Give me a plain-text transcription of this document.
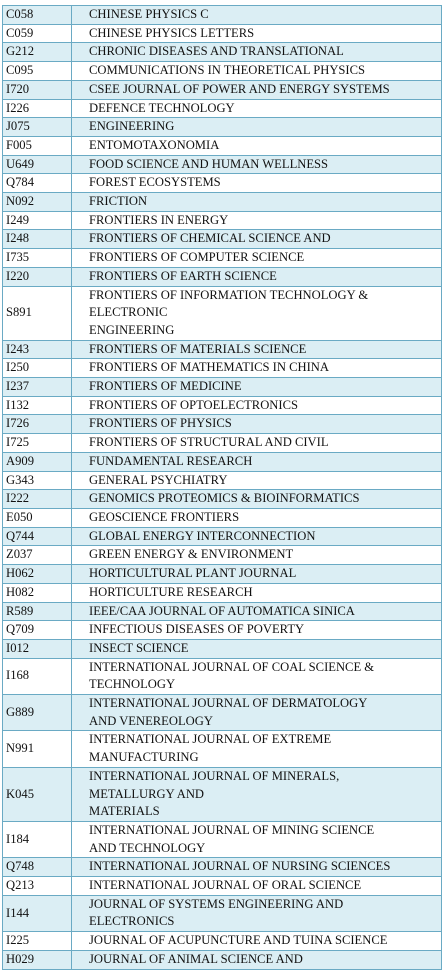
C058	CHINESE PHYSICS C
C059	CHINESE PHYSICS LETTERS
G212	CHRONIC DISEASES AND TRANSLATIONAL
C095	COMMUNICATIONS IN THEORETICAL PHYSICS
I720	CSEE JOURNAL OF POWER AND ENERGY SYSTEMS
I226	DEFENCE TECHNOLOGY
J075	ENGINEERING
F005	ENTOMOTAXONOMIA
U649	FOOD SCIENCE AND HUMAN WELLNESS
Q784	FOREST ECOSYSTEMS
N092	FRICTION
I249	FRONTIERS IN ENERGY
I248	FRONTIERS OF CHEMICAL SCIENCE AND
I735	FRONTIERS OF COMPUTER SCIENCE
I220	FRONTIERS OF EARTH SCIENCE
S891	FRONTIERS OF INFORMATION TECHNOLOGY &
ELECTRONIC
ENGINEERING
I243	FRONTIERS OF MATERIALS SCIENCE
I250	FRONTIERS OF MATHEMATICS IN CHINA
I237	FRONTIERS OF MEDICINE
I132	FRONTIERS OF OPTOELECTRONICS
I726	FRONTIERS OF PHYSICS
I725	FRONTIERS OF STRUCTURAL AND CIVIL
A909	FUNDAMENTAL RESEARCH
G343	GENERAL PSYCHIATRY
I222	GENOMICS PROTEOMICS & BIOINFORMATICS
E050	GEOSCIENCE FRONTIERS
Q744	GLOBAL ENERGY INTERCONNECTION
Z037	GREEN ENERGY & ENVIRONMENT
H062	HORTICULTURAL PLANT JOURNAL
H082	HORTICULTURE RESEARCH
R589	IEEE/CAA JOURNAL OF AUTOMATICA SINICA
Q709	INFECTIOUS DISEASES OF POVERTY
I012	INSECT SCIENCE
I168	INTERNATIONAL JOURNAL OF COAL SCIENCE &
TECHNOLOGY
G889	INTERNATIONAL JOURNAL OF DERMATOLOGY
AND VENEREOLOGY
N991	INTERNATIONAL JOURNAL OF EXTREME
MANUFACTURING
K045	INTERNATIONAL JOURNAL OF MINERALS,
METALLURGY AND
MATERIALS
I184	INTERNATIONAL JOURNAL OF MINING SCIENCE
AND TECHNOLOGY
Q748	INTERNATIONAL JOURNAL OF NURSING SCIENCES
Q213	INTERNATIONAL JOURNAL OF ORAL SCIENCE
I144	JOURNAL OF SYSTEMS ENGINEERING AND
ELECTRONICS
I225	JOURNAL OF ACUPUNCTURE AND TUINA SCIENCE
H029	JOURNAL OF ANIMAL SCIENCE AND
